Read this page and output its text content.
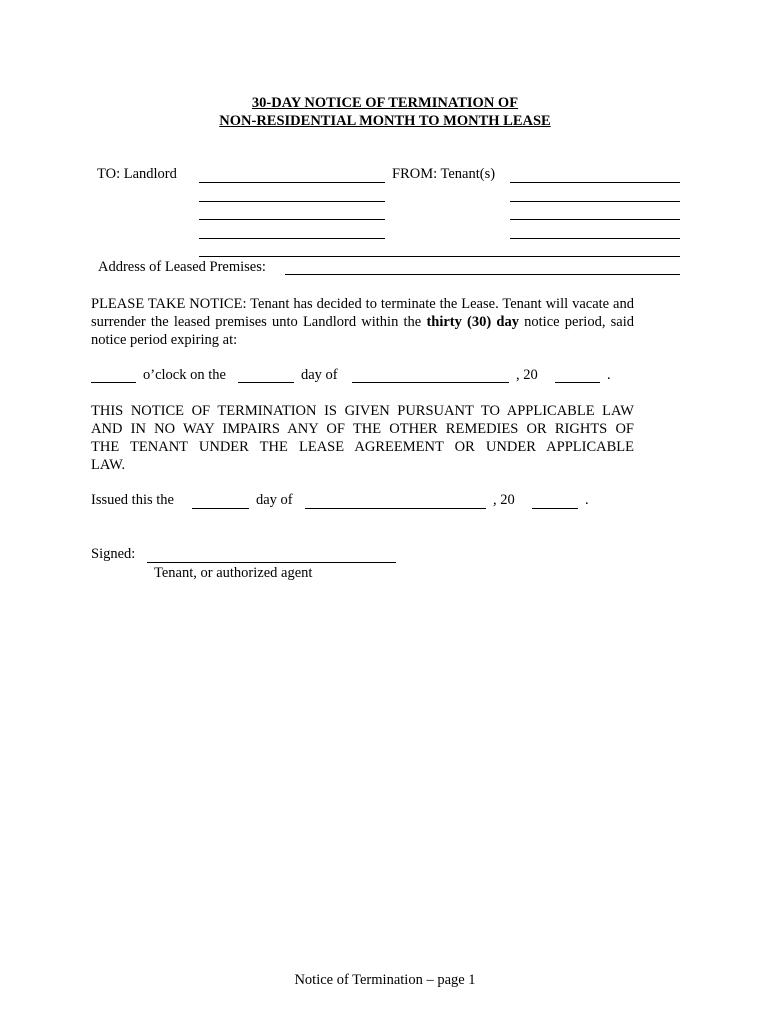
30-DAY NOTICE OF TERMINATION OF
NON-RESIDENTIAL MONTH TO MONTH LEASE
TO: Landlord	FROM: Tenant(s)
Address of Leased Premises:
PLEASE TAKE NOTICE: Tenant has decided to terminate the Lease. Tenant will vacate and surrender the leased premises unto Landlord within the thirty (30) day notice period, said notice period expiring at:
o’clock on the	day of	, 20	.
THIS NOTICE OF TERMINATION IS GIVEN PURSUANT TO APPLICABLE LAW
AND IN NO WAY IMPAIRS ANY OF THE OTHER REMEDIES OR RIGHTS OF
THE TENANT UNDER THE LEASE AGREEMENT OR UNDER APPLICABLE
LAW.
Issued this the	day of	, 20	.
Signed:
Tenant, or authorized agent
Notice of Termination – page 1
